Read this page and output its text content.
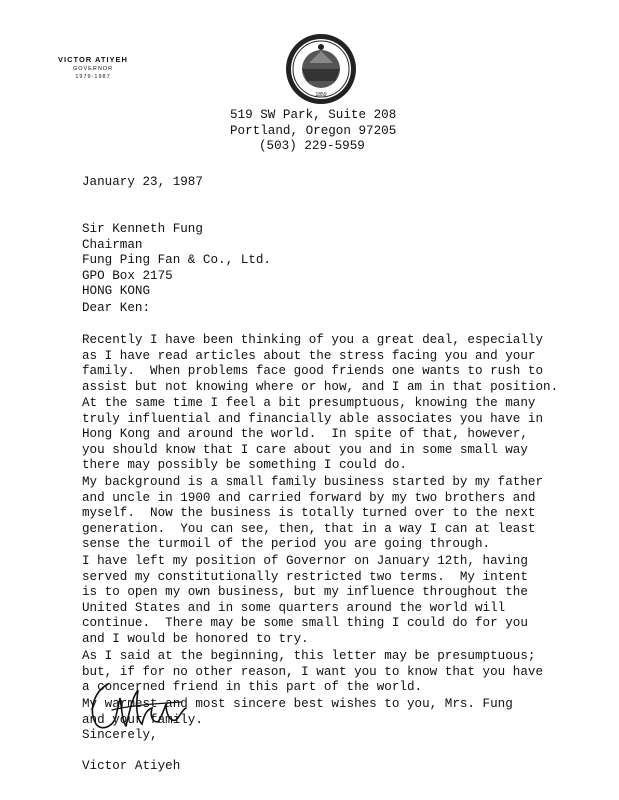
VICTOR ATIYEH
GOVERNOR
1979-1987
1859
519 SW Park, Suite 208
Portland, Oregon 97205
(503) 229-5959
January 23, 1987
Sir Kenneth Fung
Chairman
Fung Ping Fan & Co., Ltd.
GPO Box 2175
HONG KONG
Dear Ken:
Recently I have been thinking of you a great deal, especially
as I have read articles about the stress facing you and your
family.  When problems face good friends one wants to rush to
assist but not knowing where or how, and I am in that position.
At the same time I feel a bit presumptuous, knowing the many
truly influential and financially able associates you have in
Hong Kong and around the world.  In spite of that, however,
you should know that I care about you and in some small way
there may possibly be something I could do.
My background is a small family business started by my father
and uncle in 1900 and carried forward by my two brothers and
myself.  Now the business is totally turned over to the next
generation.  You can see, then, that in a way I can at least
sense the turmoil of the period you are going through.
I have left my position of Governor on January 12th, having
served my constitutionally restricted two terms.  My intent
is to open my own business, but my influence throughout the
United States and in some quarters around the world will
continue.  There may be some small thing I could do for you
and I would be honored to try.
As I said at the beginning, this letter may be presumptuous;
but, if for no other reason, I want you to know that you have
a concerned friend in this part of the world.
My warmest and most sincere best wishes to you, Mrs. Fung
and your family.
Sincerely,
Victor Atiyeh
